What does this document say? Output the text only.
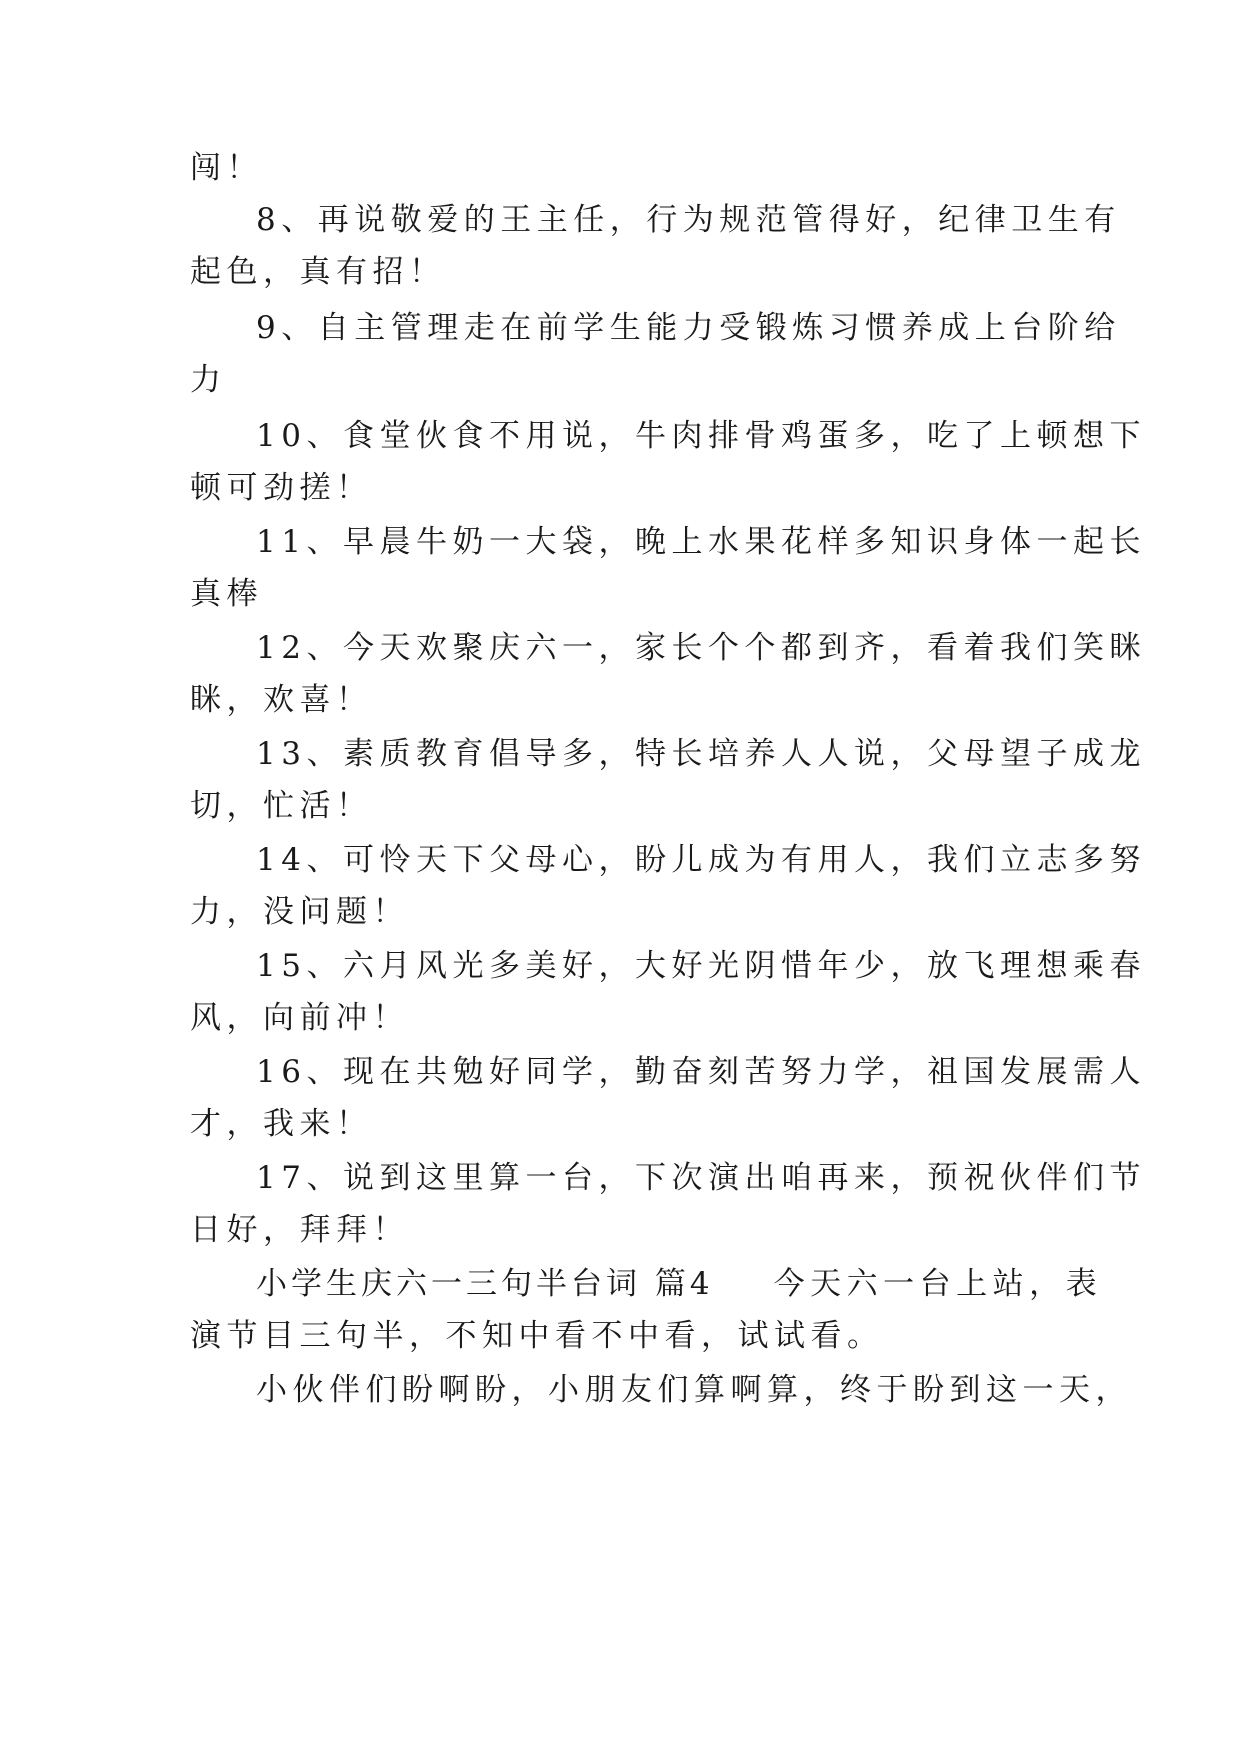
闯！
8、再说敬爱的王主任，行为规范管得好，纪律卫生有
起色，真有招！
9、自主管理走在前学生能力受锻炼习惯养成上台阶给
力
10、食堂伙食不用说，牛肉排骨鸡蛋多，吃了上顿想下
顿可劲搓！
11、早晨牛奶一大袋，晚上水果花样多知识身体一起长
真棒
12、今天欢聚庆六一，家长个个都到齐，看着我们笑眯
眯，欢喜！
13、素质教育倡导多，特长培养人人说，父母望子成龙
切，忙活！
14、可怜天下父母心，盼儿成为有用人，我们立志多努
力，没问题！
15、六月风光多美好，大好光阴惜年少，放飞理想乘春
风，向前冲！
16、现在共勉好同学，勤奋刻苦努力学，祖国发展需人
才，我来！
17、说到这里算一台，下次演出咱再来，预祝伙伴们节
日好，拜拜！
小学生庆六一三句半台词 篇4 今天六一台上站，表
演节目三句半，不知中看不中看，试试看。
小伙伴们盼啊盼，小朋友们算啊算，终于盼到这一天，
